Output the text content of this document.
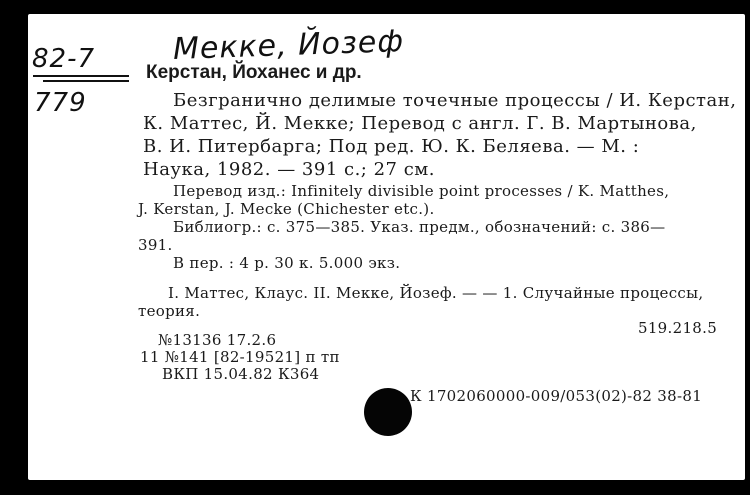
Мекке, Йозеф
82-7
779
Керстан, Йоханес и др.
Безгранично делимые точечные процессы / И. Керстан,
К. Маттес, Й. Мекке; Перевод с англ. Г. В. Мартынова,
В. И. Питербарга; Под ред. Ю. К. Беляева. — М. :
Наука, 1982. — 391 с.; 27 см.
Перевод изд.: Infinitely divisible point processes / K. Matthes,
J. Kerstan, J. Mecke (Chichester etc.).
Библиогр.: с. 375—385. Указ. предм., обозначений: с. 386—
391.
В пер. : 4 р. 30 к. 5.000 экз.
I. Маттес, Клаус. II. Мекке, Йозеф. — — 1. Случайные процессы,
теория.
№13136 17.2.6
519.218.5
11 №141 [82-19521] п тп
ВКП 15.04.82 К364
К 1702060000-009/053(02)-82 38-81
